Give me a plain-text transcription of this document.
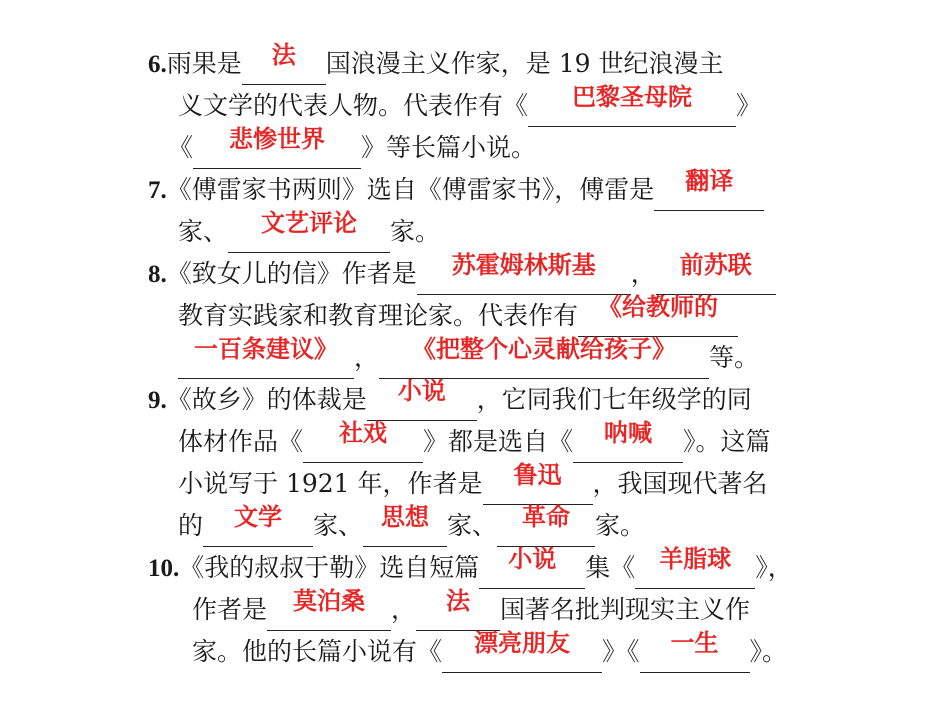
6.雨果是	法	国浪漫主义作家，是 19 世纪浪漫主
义文学的代表人物。代表作有《	巴黎圣母院	》
《	悲惨世界	》等长篇小说。
7.《傅雷家书两则》选自《傅雷家书》，傅雷是	翻译
家、	文艺评论	家。
8.《致女儿的信》作者是	苏霍姆林斯基	，	前苏联
教育实践家和教育理论家。代表作有 《给教师的
一百条建议》 ，	《把整个心灵献给孩子》	等。
9.《故乡》的体裁是	小说	，它同我们七年级学的同
体材作品《	社戏	》都是选自《	呐喊	》。这篇
小说写于 1921 年，作者是	鲁迅	，我国现代著名
的	文学	家、 思想 家、	革命	家。
10.《我的叔叔于勒》选自短篇	小说	集《	羊脂球 》，
作者是	莫泊桑	，	法	国著名批判现实主义作
家。他的长篇小说有《	漂亮朋友	》《	一生	》。
